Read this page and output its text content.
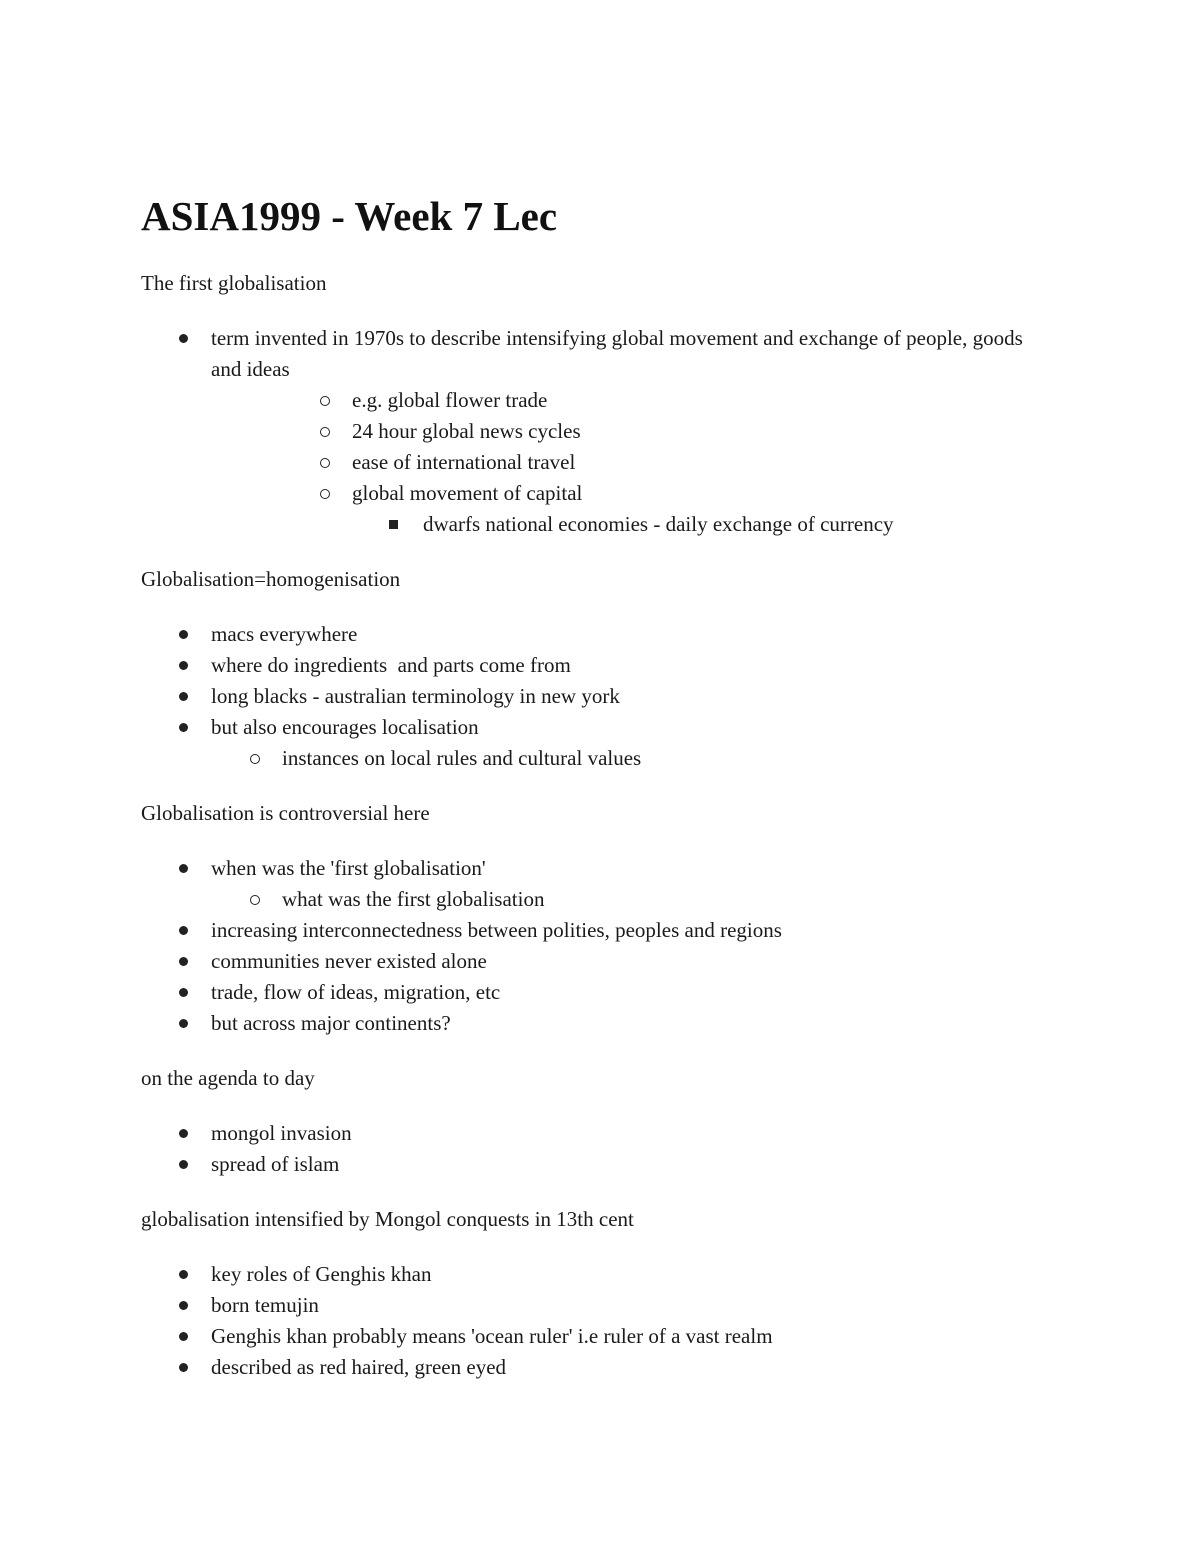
ASIA1999 - Week 7 Lec

The first globalisation

term invented in 1970s to describe intensifying global movement and exchange of people, goods and ideas
e.g. global flower trade
24 hour global news cycles
ease of international travel
global movement of capital
dwarfs national economies - daily exchange of currency

Globalisation=homogenisation

macs everywhere
where do ingredients  and parts come from
long blacks - australian terminology in new york
but also encourages localisation
instances on local rules and cultural values

Globalisation is controversial here

when was the 'first globalisation'
what was the first globalisation
increasing interconnectedness between polities, peoples and regions
communities never existed alone
trade, flow of ideas, migration, etc
but across major continents?

on the agenda to day

mongol invasion
spread of islam

globalisation intensified by Mongol conquests in 13th cent

key roles of Genghis khan
born temujin
Genghis khan probably means 'ocean ruler' i.e ruler of a vast realm
described as red haired, green eyed
